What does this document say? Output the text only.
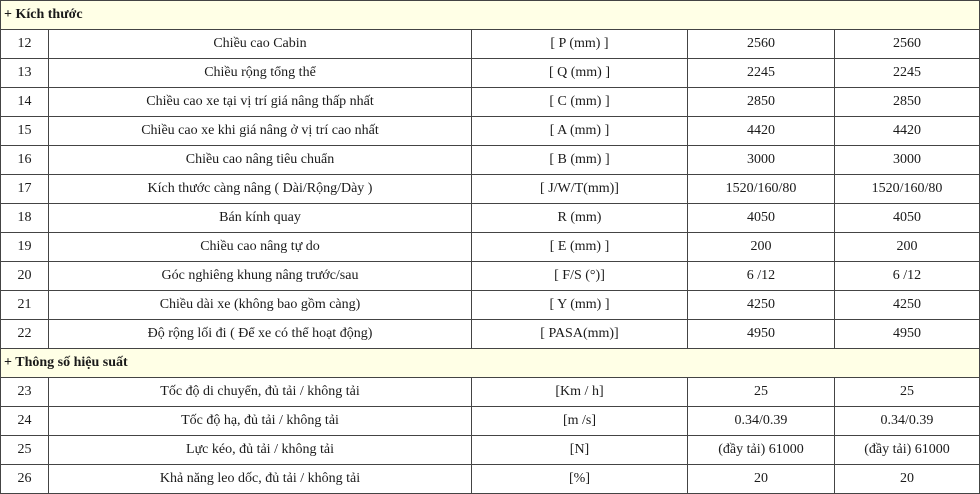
+ Kích thước				
12	Chiều cao Cabin	[ P (mm) ]	2560	2560
13	Chiều rộng tổng thể	[ Q (mm) ]	2245	2245
14	Chiều cao xe tại vị trí giá nâng thấp nhất	[ C (mm) ]	2850	2850
15	Chiều cao xe khi giá nâng ở vị trí cao nhất	[ A (mm) ]	4420	4420
16	Chiều cao nâng tiêu chuẩn	[ B (mm) ]	3000	3000
17	Kích thước càng nâng ( Dài/Rộng/Dày )	[ J/W/T(mm)]	1520/160/80	1520/160/80
18	Bán kính quay	R (mm)	4050	4050
19	Chiều cao nâng tự do	[ E (mm) ]	200	200
20	Góc nghiêng khung nâng trước/sau	[ F/S (°)]	6 /12	6 /12
21	Chiều dài xe (không bao gồm càng)	[ Y (mm) ]	4250	4250
22	Độ rộng lối đi ( Để xe có thể hoạt động)	[ PASA(mm)]	4950	4950
+ Thông số hiệu suất				
23	Tốc độ di chuyển, đủ tải / không tải	[Km / h]	25	25
24	Tốc độ hạ, đủ tải / không tải	[m /s]	0.34/0.39	0.34/0.39
25	Lực kéo, đủ tải / không tải	[N]	(đầy tải) 61000	(đầy tải) 61000
26	Khả năng leo dốc, đủ tải / không tải	[%]	20	20
